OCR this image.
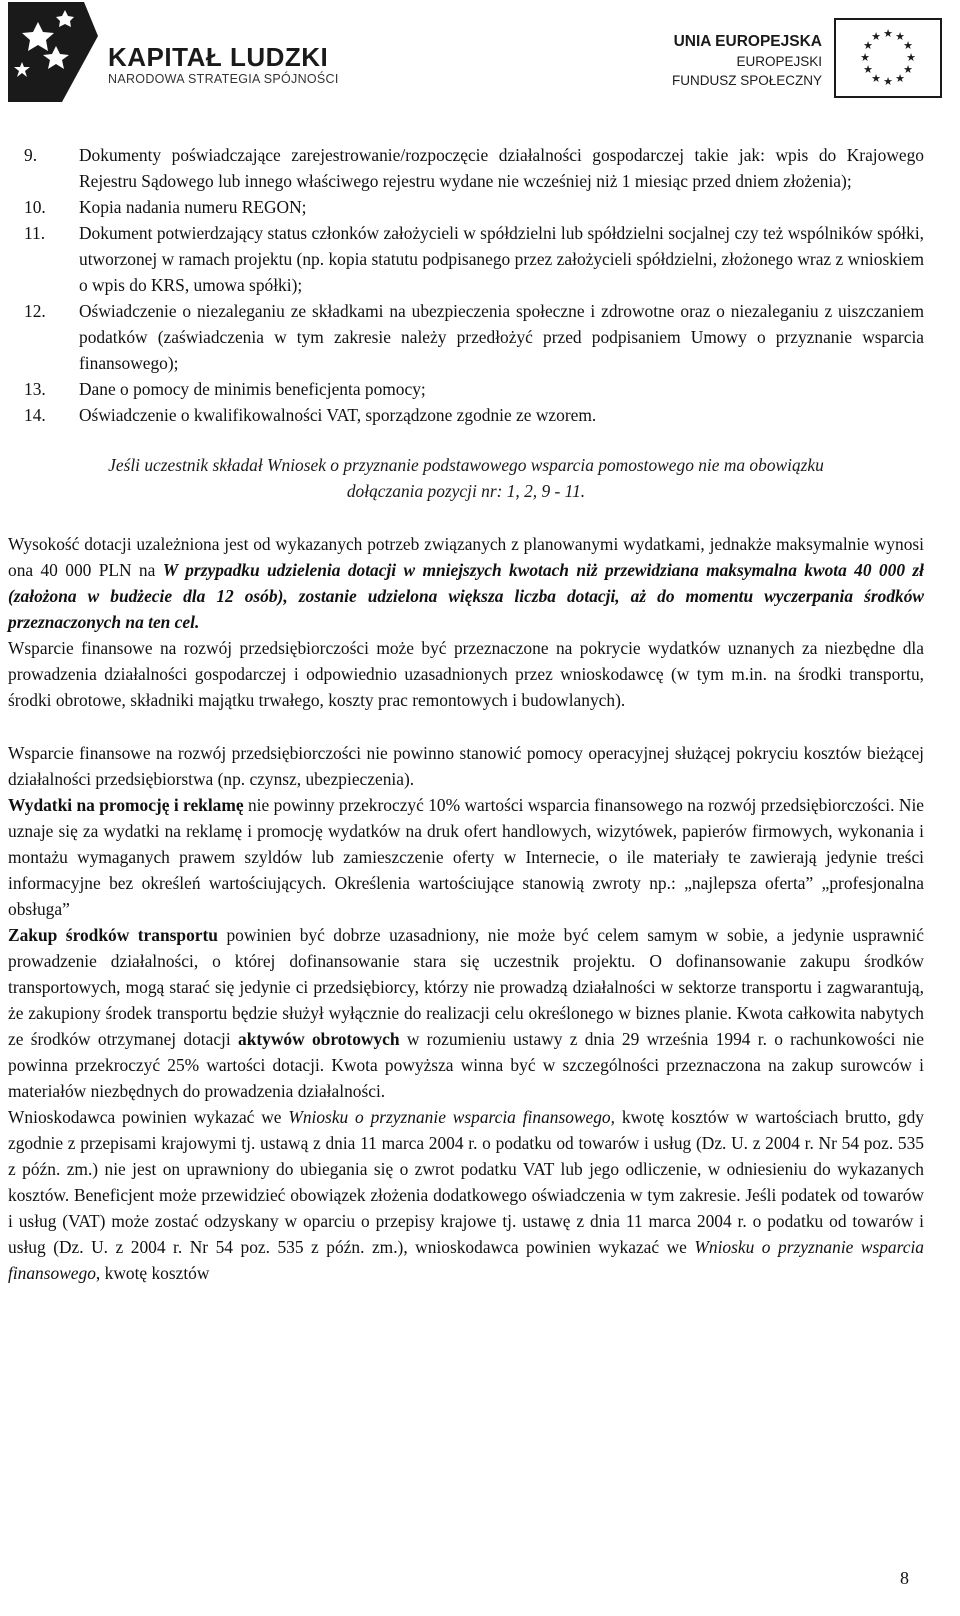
KAPITAŁ LUDZKI
NARODOWA STRATEGIA SPÓJNOŚCI
UNIA EUROPEJSKA
EUROPEJSKI
FUNDUSZ SPOŁECZNY
★ ★
★
★
★
★
★
★
★
★
★
★
9.	Dokumenty poświadczające zarejestrowanie/rozpoczęcie działalności gospodarczej takie jak: wpis do Krajowego Rejestru Sądowego lub innego właściwego rejestru wydane nie wcześniej niż 1 miesiąc przed dniem złożenia);
10.	Kopia nadania numeru REGON;
11.	Dokument potwierdzający status członków założycieli w spółdzielni lub spółdzielni socjalnej czy też wspólników spółki, utworzonej w ramach projektu (np. kopia statutu podpisanego przez założycieli spółdzielni, złożonego wraz z wnioskiem o wpis do KRS, umowa spółki);
12.	Oświadczenie o niezaleganiu ze składkami na ubezpieczenia społeczne i zdrowotne oraz o niezaleganiu z uiszczaniem podatków (zaświadczenia w tym zakresie należy przedłożyć przed podpisaniem Umowy o przyznanie wsparcia finansowego);
13.	Dane o pomocy de minimis beneficjenta pomocy;
14.	Oświadczenie o kwalifikowalności VAT, sporządzone zgodnie ze wzorem.
Jeśli uczestnik składał Wniosek o przyznanie podstawowego wsparcia pomostowego nie ma obowiązku dołączania pozycji nr: 1, 2, 9 - 11.

Wysokość dotacji uzależniona jest od wykazanych potrzeb związanych z planowanymi wydatkami, jednakże maksymalnie wynosi ona 40 000 PLN na W przypadku udzielenia dotacji w mniejszych kwotach niż przewidziana maksymalna kwota 40 000 zł (założona w budżecie dla 12 osób), zostanie udzielona większa liczba dotacji, aż do momentu wyczerpania środków przeznaczonych na ten cel.

Wsparcie finansowe na rozwój przedsiębiorczości może być przeznaczone na pokrycie wydatków uznanych za niezbędne dla prowadzenia działalności gospodarczej i odpowiednio uzasadnionych przez wnioskodawcę (w tym m.in. na środki transportu, środki obrotowe, składniki majątku trwałego, koszty prac remontowych i budowlanych).

Wsparcie finansowe na rozwój przedsiębiorczości nie powinno stanowić pomocy operacyjnej służącej pokryciu kosztów bieżącej działalności przedsiębiorstwa (np. czynsz, ubezpieczenia).

Wydatki na promocję i reklamę nie powinny przekroczyć 10% wartości wsparcia finansowego na rozwój przedsiębiorczości. Nie uznaje się za wydatki na reklamę i promocję wydatków na druk ofert handlowych, wizytówek, papierów firmowych, wykonania i montażu wymaganych prawem szyldów lub zamieszczenie oferty w Internecie, o ile materiały te zawierają jedynie treści informacyjne bez określeń wartościujących. Określenia wartościujące stanowią zwroty np.: „najlepsza oferta” „profesjonalna obsługa”

Zakup środków transportu powinien być dobrze uzasadniony, nie może być celem samym w sobie, a jedynie usprawnić prowadzenie działalności, o której dofinansowanie stara się uczestnik projektu. O dofinansowanie zakupu środków transportowych, mogą starać się jedynie ci przedsiębiorcy, którzy nie prowadzą działalności w sektorze transportu i zagwarantują, że zakupiony środek transportu będzie służył wyłącznie do realizacji celu określonego w biznes planie. Kwota całkowita nabytych ze środków otrzymanej dotacji aktywów obrotowych w rozumieniu ustawy z dnia 29 września 1994 r. o rachunkowości nie powinna przekroczyć 25% wartości dotacji. Kwota powyższa winna być w szczególności przeznaczona na zakup surowców i materiałów niezbędnych do prowadzenia działalności.

Wnioskodawca powinien wykazać we Wniosku o przyznanie wsparcia finansowego, kwotę kosztów w wartościach brutto, gdy zgodnie z przepisami krajowymi tj. ustawą z dnia 11 marca 2004 r. o podatku od towarów i usług (Dz. U. z 2004 r. Nr 54 poz. 535 z późn. zm.) nie jest on uprawniony do ubiegania się o zwrot podatku VAT lub jego odliczenie, w odniesieniu do wykazanych kosztów. Beneficjent może przewidzieć obowiązek złożenia dodatkowego oświadczenia w tym zakresie. Jeśli podatek od towarów i usług (VAT) może zostać odzyskany w oparciu o przepisy krajowe tj. ustawę z dnia 11 marca 2004 r. o podatku od towarów i usług (Dz. U. z 2004 r. Nr 54 poz. 535 z późn. zm.), wnioskodawca powinien wykazać we Wniosku o przyznanie wsparcia finansowego, kwotę kosztów

8
